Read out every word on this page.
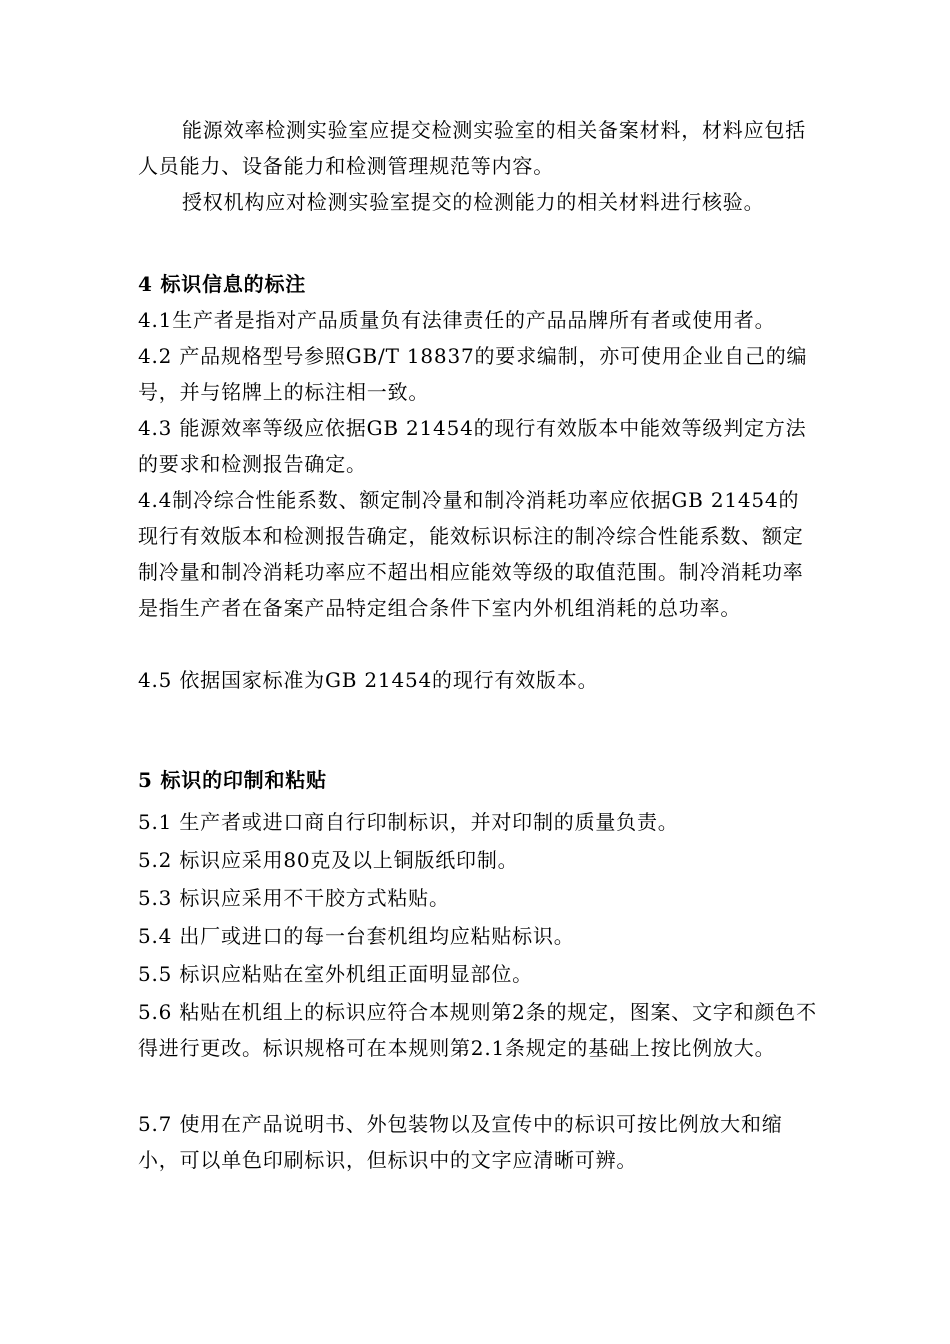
能源效率检测实验室应提交检测实验室的相关备案材料，材料应包括人员能力、设备能力和检测管理规范等内容。

授权机构应对检测实验室提交的检测能力的相关材料进行核验。

4 标识信息的标注

4.1生产者是指对产品质量负有法律责任的产品品牌所有者或使用者。

4.2 产品规格型号参照GB/T 18837的要求编制，亦可使用企业自己的编号，并与铭牌上的标注相一致。

4.3 能源效率等级应依据GB 21454的现行有效版本中能效等级判定方法的要求和检测报告确定。

4.4制冷综合性能系数、额定制冷量和制冷消耗功率应依据GB 21454的现行有效版本和检测报告确定，能效标识标注的制冷综合性能系数、额定制冷量和制冷消耗功率应不超出相应能效等级的取值范围。制冷消耗功率是指生产者在备案产品特定组合条件下室内外机组消耗的总功率。

4.5 依据国家标准为GB 21454的现行有效版本。

5 标识的印制和粘贴

5.1 生产者或进口商自行印制标识，并对印制的质量负责。

5.2 标识应采用80克及以上铜版纸印制。

5.3 标识应采用不干胶方式粘贴。

5.4 出厂或进口的每一台套机组均应粘贴标识。

5.5 标识应粘贴在室外机组正面明显部位。

5.6 粘贴在机组上的标识应符合本规则第2条的规定，图案、文字和颜色不得进行更改。标识规格可在本规则第2.1条规定的基础上按比例放大。

5.7 使用在产品说明书、外包装物以及宣传中的标识可按比例放大和缩小，可以单色印刷标识，但标识中的文字应清晰可辨。
